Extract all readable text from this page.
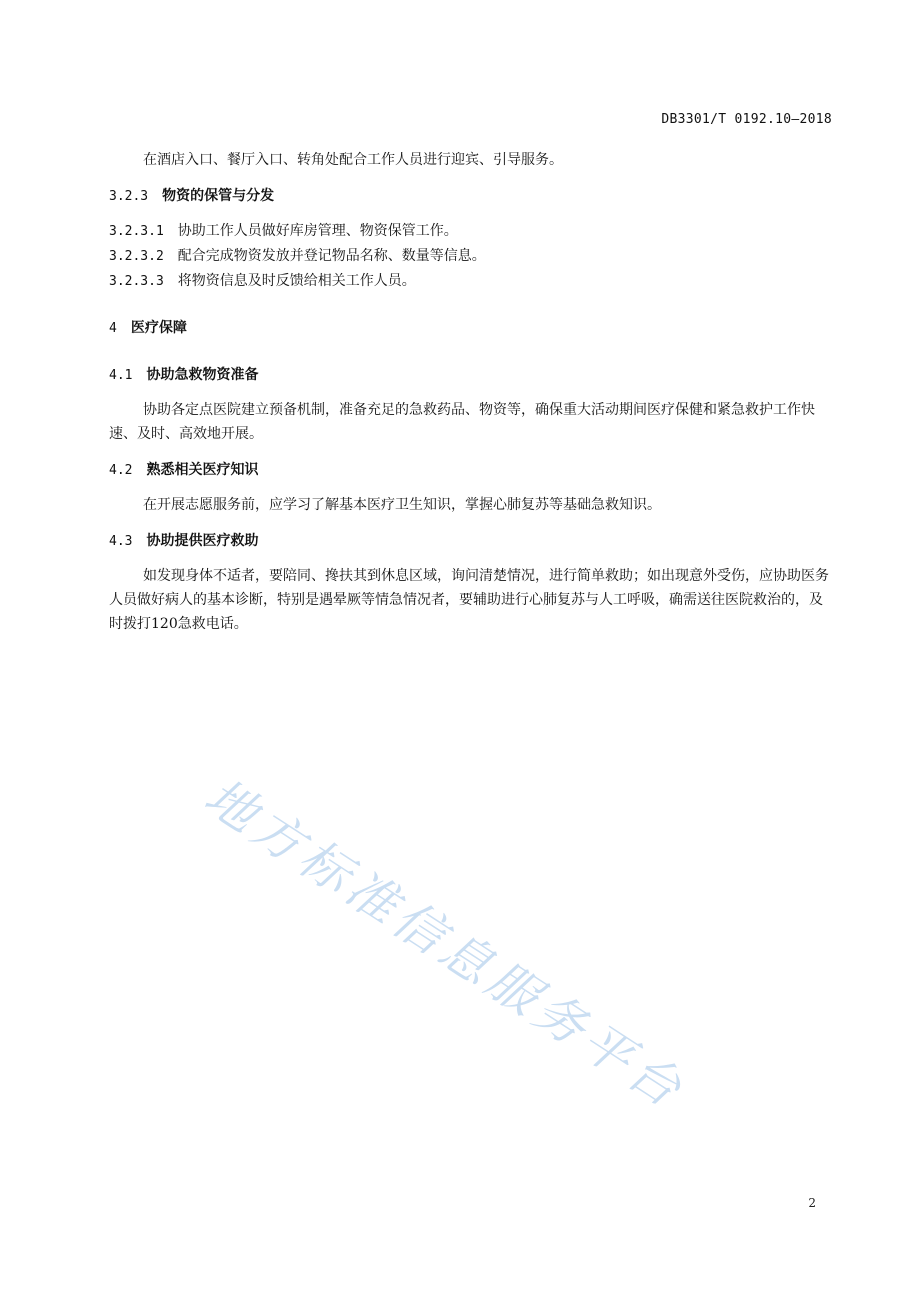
DB3301/T 0192.10—2018

在酒店入口、餐厅入口、转角处配合工作人员进行迎宾、引导服务。

3.2.3 物资的保管与分发
3.2.3.1 协助工作人员做好库房管理、物资保管工作。
3.2.3.2 配合完成物资发放并登记物品名称、数量等信息。
3.2.3.3 将物资信息及时反馈给相关工作人员。
4 医疗保障
4.1 协助急救物资准备

协助各定点医院建立预备机制，准备充足的急救药品、物资等，确保重大活动期间医疗保健和紧急救护工作快速、及时、高效地开展。

4.2 熟悉相关医疗知识

在开展志愿服务前，应学习了解基本医疗卫生知识，掌握心肺复苏等基础急救知识。

4.3 协助提供医疗救助

如发现身体不适者，要陪同、搀扶其到休息区域，询问清楚情况，进行简单救助；如出现意外受伤，应协助医务人员做好病人的基本诊断，特别是遇晕厥等情急情况者，要辅助进行心肺复苏与人工呼吸，确需送往医院救治的，及时拨打120急救电话。

地方标准信息服务平台
2
